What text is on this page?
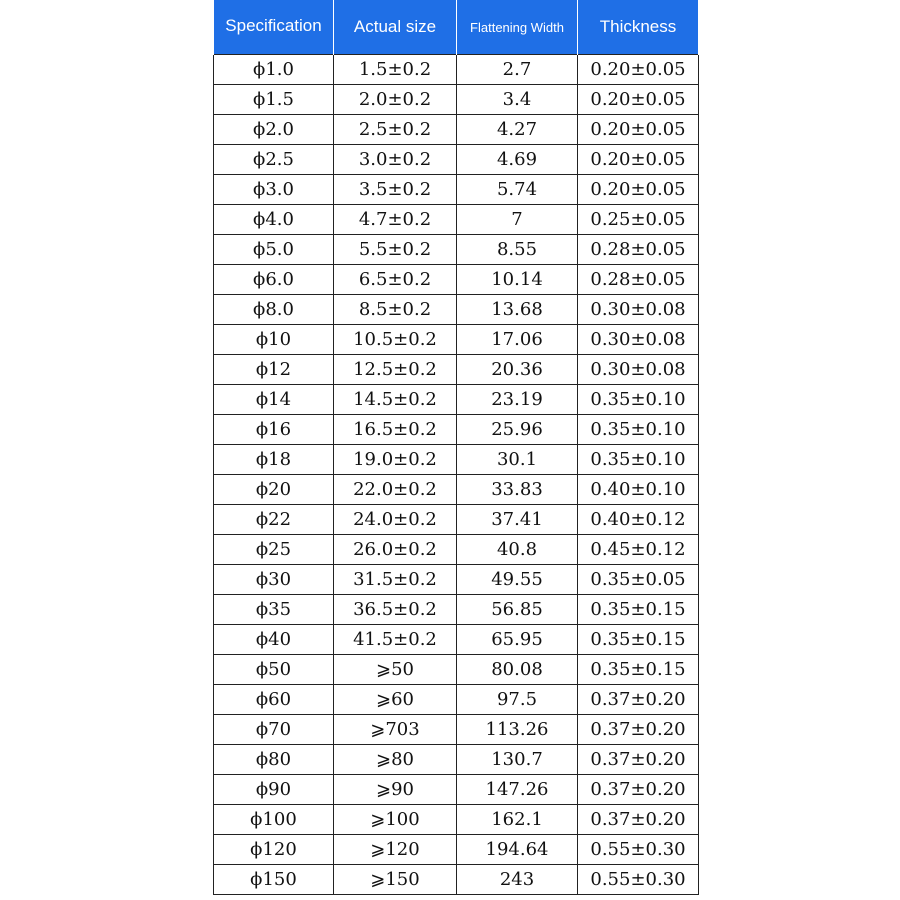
Specification	Actual size	Flattening Width	Thickness
ϕ1.0	1.5±0.2	2.7	0.20±0.05
ϕ1.5	2.0±0.2	3.4	0.20±0.05
ϕ2.0	2.5±0.2	4.27	0.20±0.05
ϕ2.5	3.0±0.2	4.69	0.20±0.05
ϕ3.0	3.5±0.2	5.74	0.20±0.05
ϕ4.0	4.7±0.2	7	0.25±0.05
ϕ5.0	5.5±0.2	8.55	0.28±0.05
ϕ6.0	6.5±0.2	10.14	0.28±0.05
ϕ8.0	8.5±0.2	13.68	0.30±0.08
ϕ10	10.5±0.2	17.06	0.30±0.08
ϕ12	12.5±0.2	20.36	0.30±0.08
ϕ14	14.5±0.2	23.19	0.35±0.10
ϕ16	16.5±0.2	25.96	0.35±0.10
ϕ18	19.0±0.2	30.1	0.35±0.10
ϕ20	22.0±0.2	33.83	0.40±0.10
ϕ22	24.0±0.2	37.41	0.40±0.12
ϕ25	26.0±0.2	40.8	0.45±0.12
ϕ30	31.5±0.2	49.55	0.35±0.05
ϕ35	36.5±0.2	56.85	0.35±0.15
ϕ40	41.5±0.2	65.95	0.35±0.15
ϕ50	⩾50	80.08	0.35±0.15
ϕ60	⩾60	97.5	0.37±0.20
ϕ70	⩾703	113.26	0.37±0.20
ϕ80	⩾80	130.7	0.37±0.20
ϕ90	⩾90	147.26	0.37±0.20
ϕ100	⩾100	162.1	0.37±0.20
ϕ120	⩾120	194.64	0.55±0.30
ϕ150	⩾150	243	0.55±0.30
